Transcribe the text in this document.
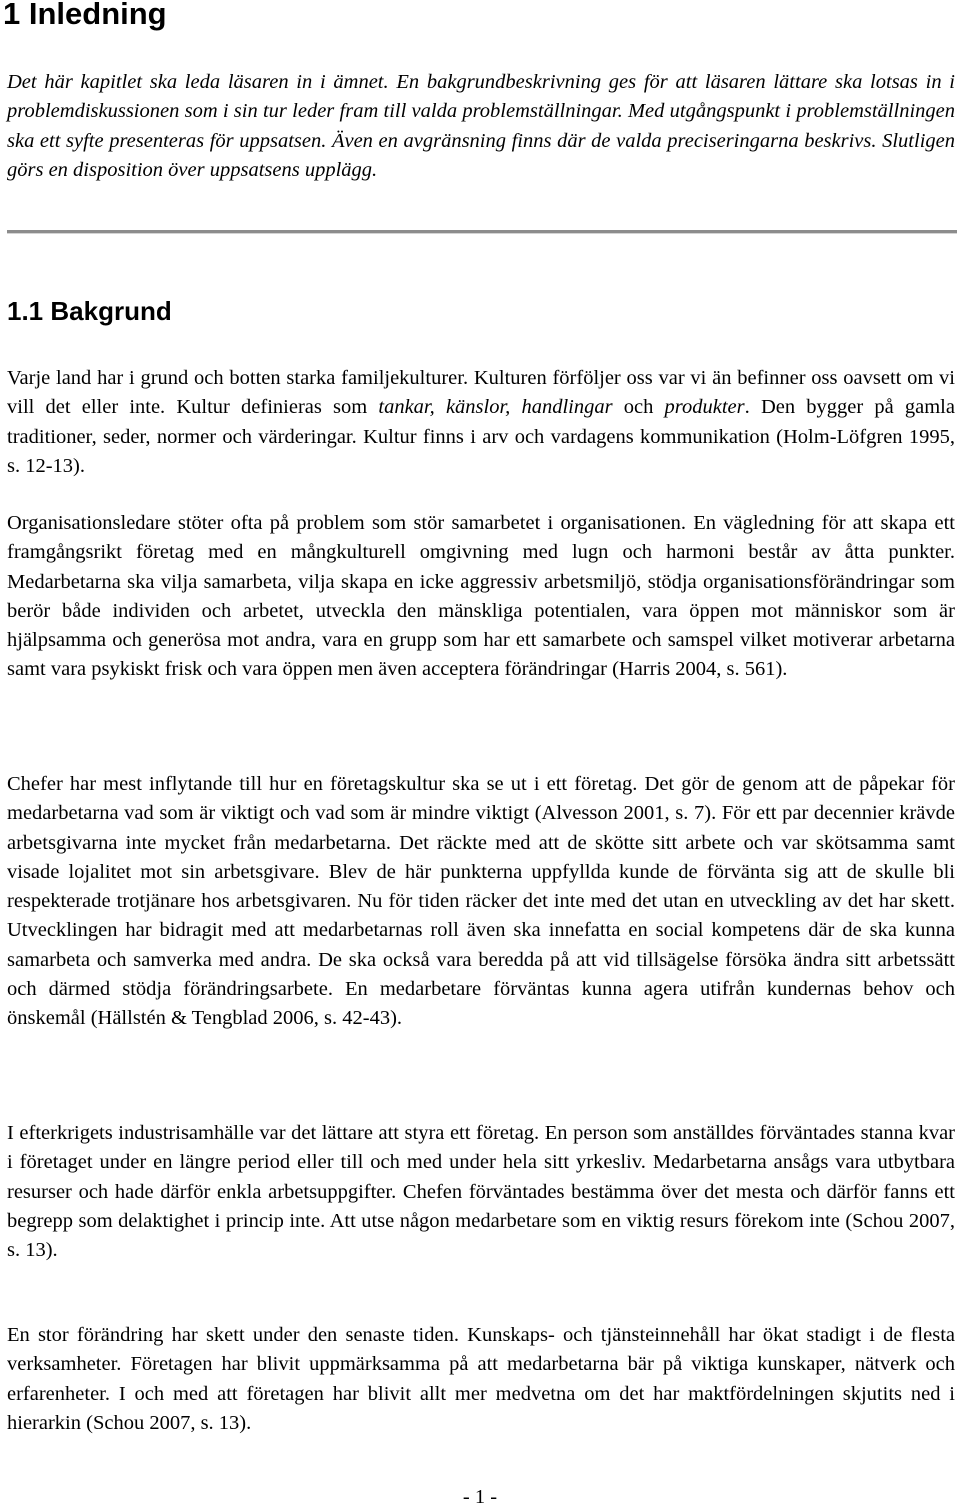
1 Inledning

Det här kapitlet ska leda läsaren in i ämnet. En bakgrundbeskrivning ges för att läsaren lättare ska lotsas in i problemdiskussionen som i sin tur leder fram till valda problemställningar. Med utgångspunkt i problemställningen ska ett syfte presenteras för uppsatsen. Även en avgränsning finns där de valda preciseringarna beskrivs. Slutligen görs en disposition över uppsatsens upplägg.

1.1 Bakgrund

Varje land har i grund och botten starka familjekulturer. Kulturen förföljer oss var vi än befinner oss oavsett om vi vill det eller inte. Kultur definieras som tankar, känslor, handlingar och produkter. Den bygger på gamla traditioner, seder, normer och värderingar. Kultur finns i arv och vardagens kommunikation (Holm-Löfgren 1995, s. 12-13).

Organisationsledare stöter ofta på problem som stör samarbetet i organisationen. En vägledning för att skapa ett framgångsrikt företag med en mångkulturell omgivning med lugn och harmoni består av åtta punkter. Medarbetarna ska vilja samarbeta, vilja skapa en icke aggressiv arbetsmiljö, stödja organisationsförändringar som berör både individen och arbetet, utveckla den mänskliga potentialen, vara öppen mot människor som är hjälpsamma och generösa mot andra, vara en grupp som har ett samarbete och samspel vilket motiverar arbetarna samt vara psykiskt frisk och vara öppen men även acceptera förändringar (Harris 2004, s. 561).

Chefer har mest inflytande till hur en företagskultur ska se ut i ett företag. Det gör de genom att de påpekar för medarbetarna vad som är viktigt och vad som är mindre viktigt (Alvesson 2001, s. 7). För ett par decennier krävde arbetsgivarna inte mycket från medarbetarna. Det räckte med att de skötte sitt arbete och var skötsamma samt visade lojalitet mot sin arbetsgivare. Blev de här punkterna uppfyllda kunde de förvänta sig att de skulle bli respekterade trotjänare hos arbetsgivaren. Nu för tiden räcker det inte med det utan en utveckling av det har skett. Utvecklingen har bidragit med att medarbetarnas roll även ska innefatta en social kompetens där de ska kunna samarbeta och samverka med andra. De ska också vara beredda på att vid tillsägelse försöka ändra sitt arbetssätt och därmed stödja förändringsarbete. En medarbetare förväntas kunna agera utifrån kundernas behov och önskemål (Hällstén & Tengblad 2006, s. 42-43).

I efterkrigets industrisamhälle var det lättare att styra ett företag. En person som anställdes förväntades stanna kvar i företaget under en längre period eller till och med under hela sitt yrkesliv. Medarbetarna ansågs vara utbytbara resurser och hade därför enkla arbetsuppgifter. Chefen förväntades bestämma över det mesta och därför fanns ett begrepp som delaktighet i princip inte. Att utse någon medarbetare som en viktig resurs förekom inte (Schou 2007, s. 13).

En stor förändring har skett under den senaste tiden. Kunskaps- och tjänsteinnehåll har ökat stadigt i de flesta verksamheter. Företagen har blivit uppmärksamma på att medarbetarna bär på viktiga kunskaper, nätverk och erfarenheter. I och med att företagen har blivit allt mer medvetna om det har maktfördelningen skjutits ned i hierarkin (Schou 2007, s. 13).

- 1 -
